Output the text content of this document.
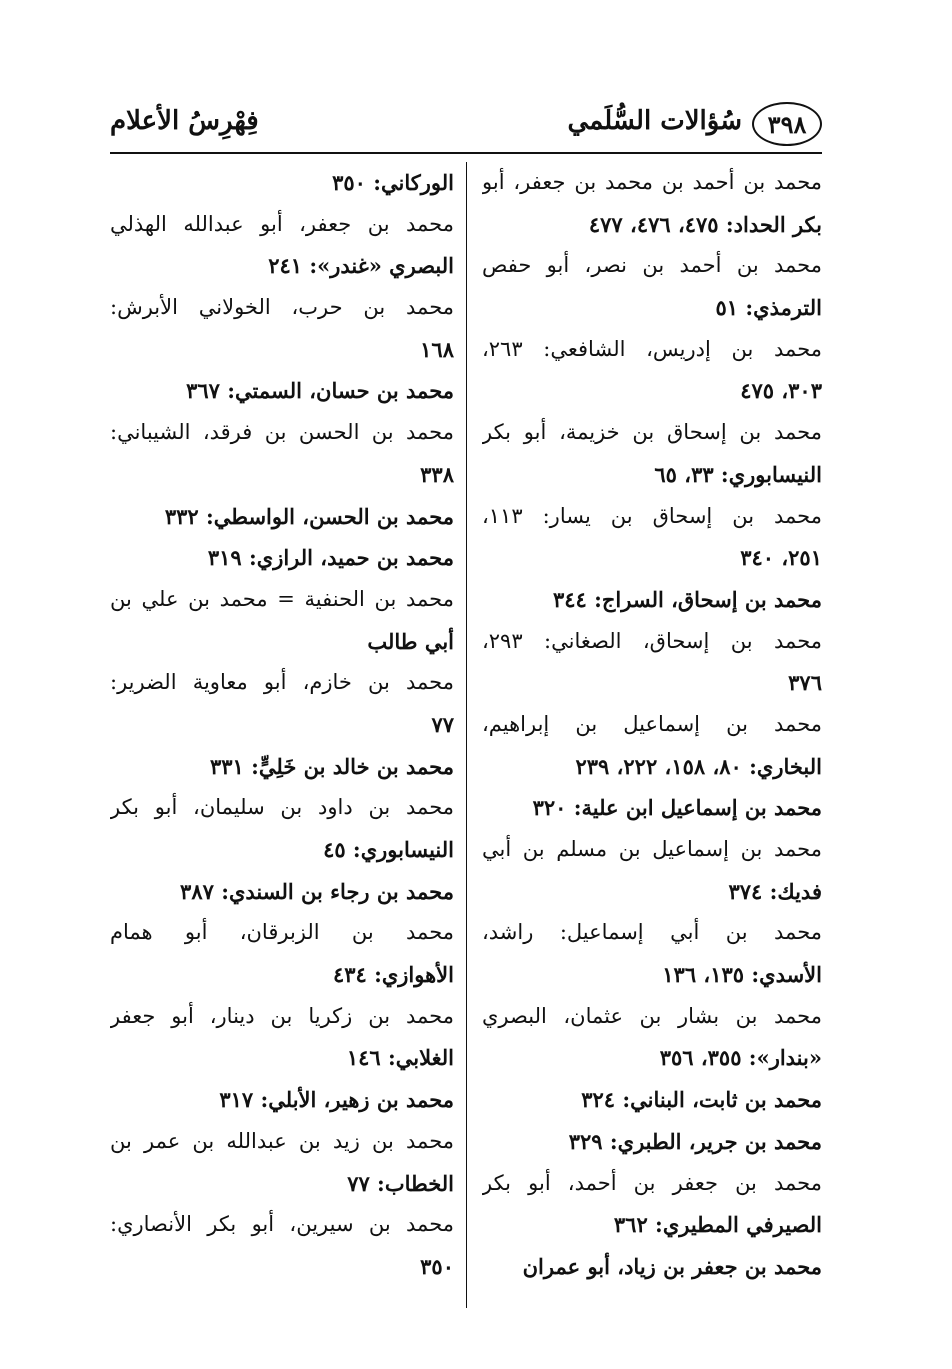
٣٩٨
سُؤالات السُّلَمي
فِهْرِسُ الأعلام
محمد بن أحمد بن محمد بن جعفر، أبو
بكر الحداد: ٤٧٥، ٤٧٦، ٤٧٧
محمد بن أحمد بن نصر، أبو حفص
الترمذي: ٥١
محمد بن إدريس، الشافعي: ٢٦٣،
٣٠٣، ٤٧٥
محمد بن إسحاق بن خزيمة، أبو بكر
النيسابوري: ٣٣، ٦٥
محمد بن إسحاق بن يسار: ١١٣،
٢٥١، ٣٤٠
محمد بن إسحاق، السراج: ٣٤٤
محمد بن إسحاق، الصغاني: ٢٩٣،
٣٧٦
محمد بن إسماعيل بن إبراهيم،
البخاري: ٨٠، ١٥٨، ٢٢٢، ٢٣٩
محمد بن إسماعيل ابن علية: ٣٢٠
محمد بن إسماعيل بن مسلم بن أبي
فديك: ٣٧٤
محمد بن أبي إسماعيل: راشد،
الأسدي: ١٣٥، ١٣٦
محمد بن بشار بن عثمان، البصري
«بندار»: ٣٥٥، ٣٥٦
محمد بن ثابت، البناني: ٣٢٤
محمد بن جرير، الطبري: ٣٢٩
محمد بن جعفر بن أحمد، أبو بكر
الصيرفي المطيري: ٣٦٢
محمد بن جعفر بن زياد، أبو عمران
الوركاني: ٣٥٠
محمد بن جعفر، أبو عبدالله الهذلي
البصري «غندر»: ٢٤١
محمد بن حرب، الخولاني الأبرش:
١٦٨
محمد بن حسان، السمتي: ٣٦٧
محمد بن الحسن بن فرقد، الشيباني:
٣٣٨
محمد بن الحسن، الواسطي: ٣٣٢
محمد بن حميد، الرازي: ٣١٩
محمد بن الحنفية = محمد بن علي بن
أبي طالب
محمد بن خازم، أبو معاوية الضرير:
٧٧
محمد بن خالد بن خَلِيٍّ: ٣٣١
محمد بن داود بن سليمان، أبو بكر
النيسابوري: ٤٥
محمد بن رجاء بن السندي: ٣٨٧
محمد بن الزبرقان، أبو همام
الأهوازي: ٤٣٤
محمد بن زكريا بن دينار، أبو جعفر
الغلابي: ١٤٦
محمد بن زهير، الأبلي: ٣١٧
محمد بن زيد بن عبدالله بن عمر بن
الخطاب: ٧٧
محمد بن سيرين، أبو بكر الأنصاري:
٣٥٠
